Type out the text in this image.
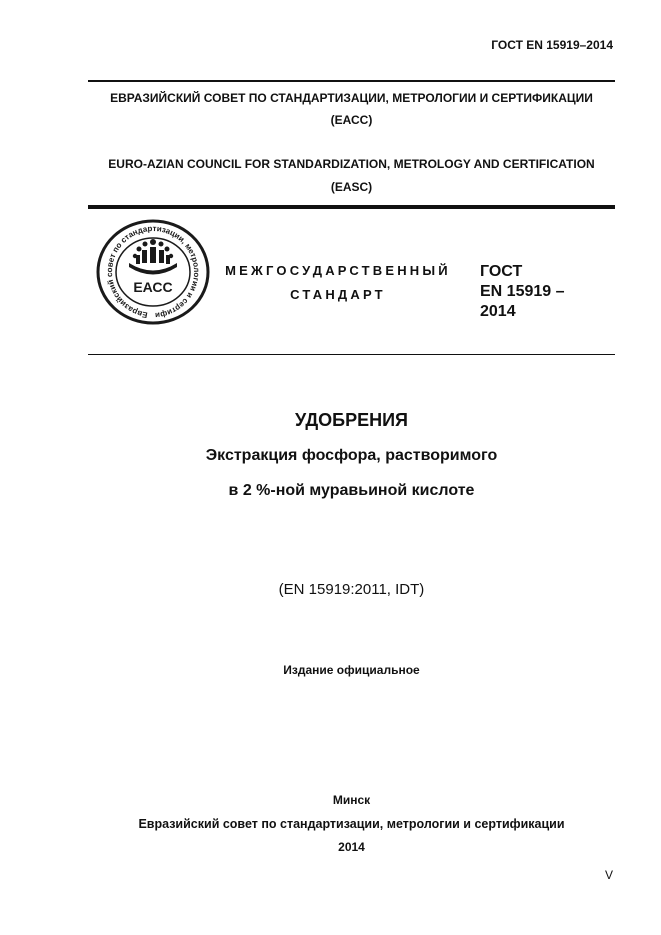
ГОСТ EN 15919–2014
ЕВРАЗИЙСКИЙ СОВЕТ ПО СТАНДАРТИЗАЦИИ, МЕТРОЛОГИИ И СЕРТИФИКАЦИИ
(ЕАСС)
EURO-AZIAN COUNCIL FOR STANDARDIZATION, METROLOGY AND CERTIFICATION
(EASC)
Евразийский совет по стандартизации, метрологии и сертифи
ЕАСС
МЕЖГОСУДАРСТВЕННЫЙ
СТАНДАРТ
ГОСТ
EN 15919 –
2014
УДОБРЕНИЯ
Экстракция фосфора, растворимого
в 2 %-ной муравьиной кислоте
(EN 15919:2011, IDT)
Издание официальное
Минск
Евразийский совет по стандартизации, метрологии и сертификации
2014
V
